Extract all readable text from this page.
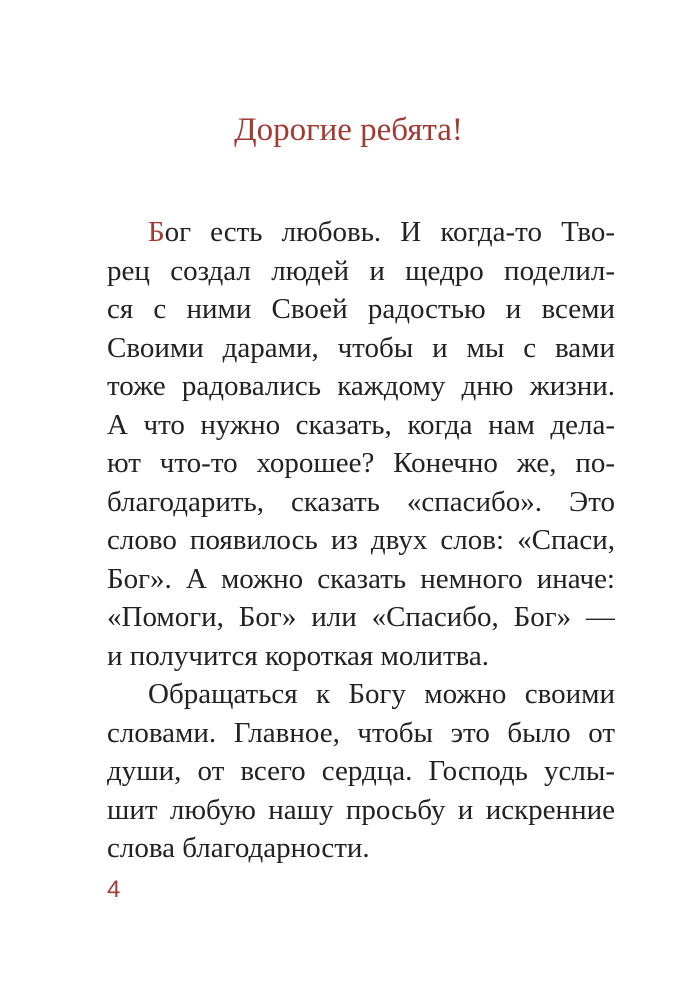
Дорогие ребята!
Бог есть любовь. И когда-то Тво-
рец создал людей и щедро поделил-
ся с ними Своей радостью и всеми
Своими дарами, чтобы и мы с вами
тоже радовались каждому дню жизни.
А что нужно сказать, когда нам дела-
ют что-то хорошее? Конечно же, по-
благодарить, сказать «спасибо». Это
слово появилось из двух слов: «Спаси,
Бог». А можно сказать немного иначе:
«Помоги, Бог» или «Спасибо, Бог» —
и получится короткая молитва.
Обращаться к Богу можно своими
словами. Главное, чтобы это было от
души, от всего сердца. Господь услы-
шит любую нашу просьбу и искренние
слова благодарности.
4
